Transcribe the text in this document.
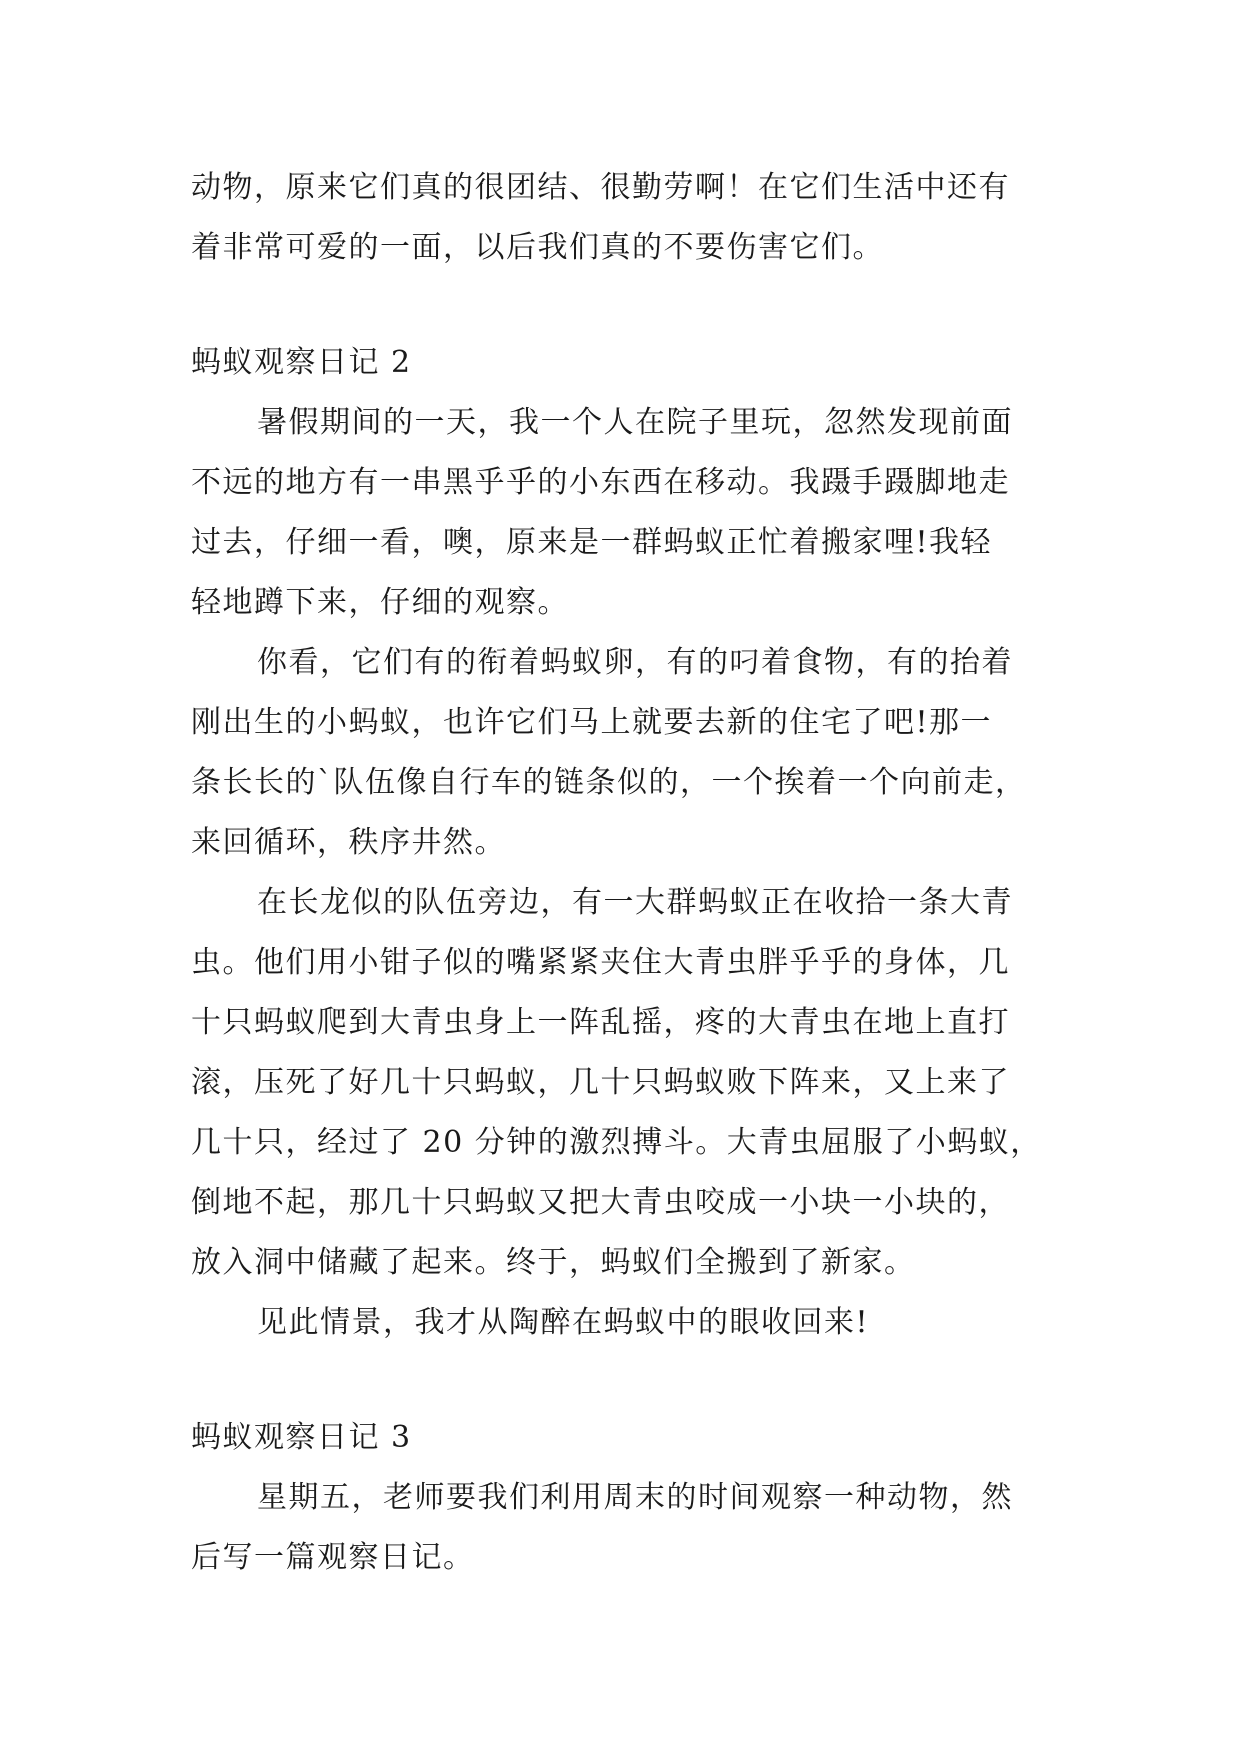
动物，原来它们真的很团结、很勤劳啊！在它们生活中还有
着非常可爱的一面，以后我们真的不要伤害它们。
蚂蚁观察日记 2
暑假期间的一天，我一个人在院子里玩，忽然发现前面
不远的地方有一串黑乎乎的小东西在移动。我蹑手蹑脚地走
过去，仔细一看，噢，原来是一群蚂蚁正忙着搬家哩!我轻
轻地蹲下来，仔细的观察。
你看，它们有的衔着蚂蚁卵，有的叼着食物，有的抬着
刚出生的小蚂蚁，也许它们马上就要去新的住宅了吧!那一
条长长的`队伍像自行车的链条似的，一个挨着一个向前走，
来回循环，秩序井然。
在长龙似的队伍旁边，有一大群蚂蚁正在收拾一条大青
虫。他们用小钳子似的嘴紧紧夹住大青虫胖乎乎的身体，几
十只蚂蚁爬到大青虫身上一阵乱摇，疼的大青虫在地上直打
滚，压死了好几十只蚂蚁，几十只蚂蚁败下阵来，又上来了
几十只，经过了 20 分钟的激烈搏斗。大青虫屈服了小蚂蚁，
倒地不起，那几十只蚂蚁又把大青虫咬成一小块一小块的，
放入洞中储藏了起来。终于，蚂蚁们全搬到了新家。
见此情景，我才从陶醉在蚂蚁中的眼收回来!
蚂蚁观察日记 3
星期五，老师要我们利用周末的时间观察一种动物，然
后写一篇观察日记。
